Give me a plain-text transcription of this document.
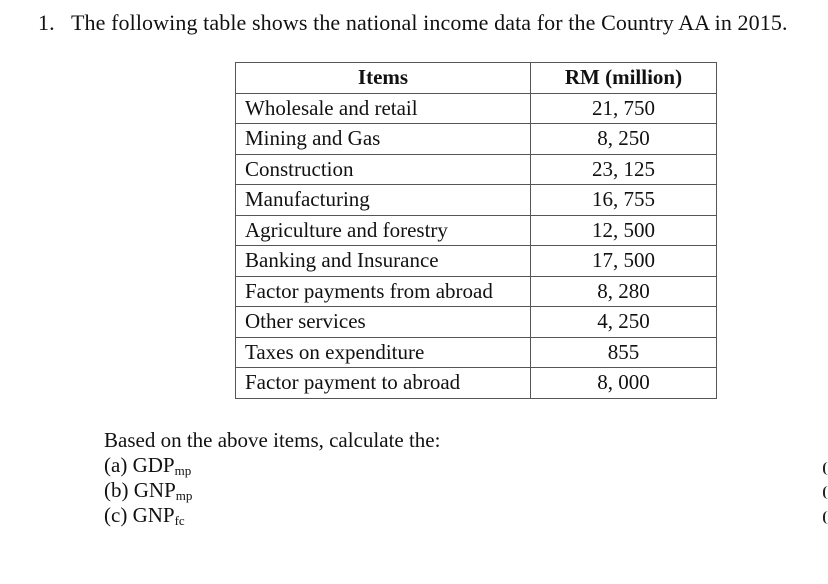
1. The following table shows the national income data for the Country AA in 2015.
Items	RM (million)
Wholesale and retail	21, 750
Mining and Gas	8, 250
Construction	23, 125
Manufacturing	16, 755
Agriculture and forestry	12, 500
Banking and Insurance	17, 500
Factor payments from abroad	8, 280
Other services	4, 250
Taxes on expenditure	855
Factor payment to abroad	8, 000
Based on the above items, calculate the:
(a) $GDP_{mp}$
(b) $GNP_{mp}$
(c) $GNP_{fc}$
